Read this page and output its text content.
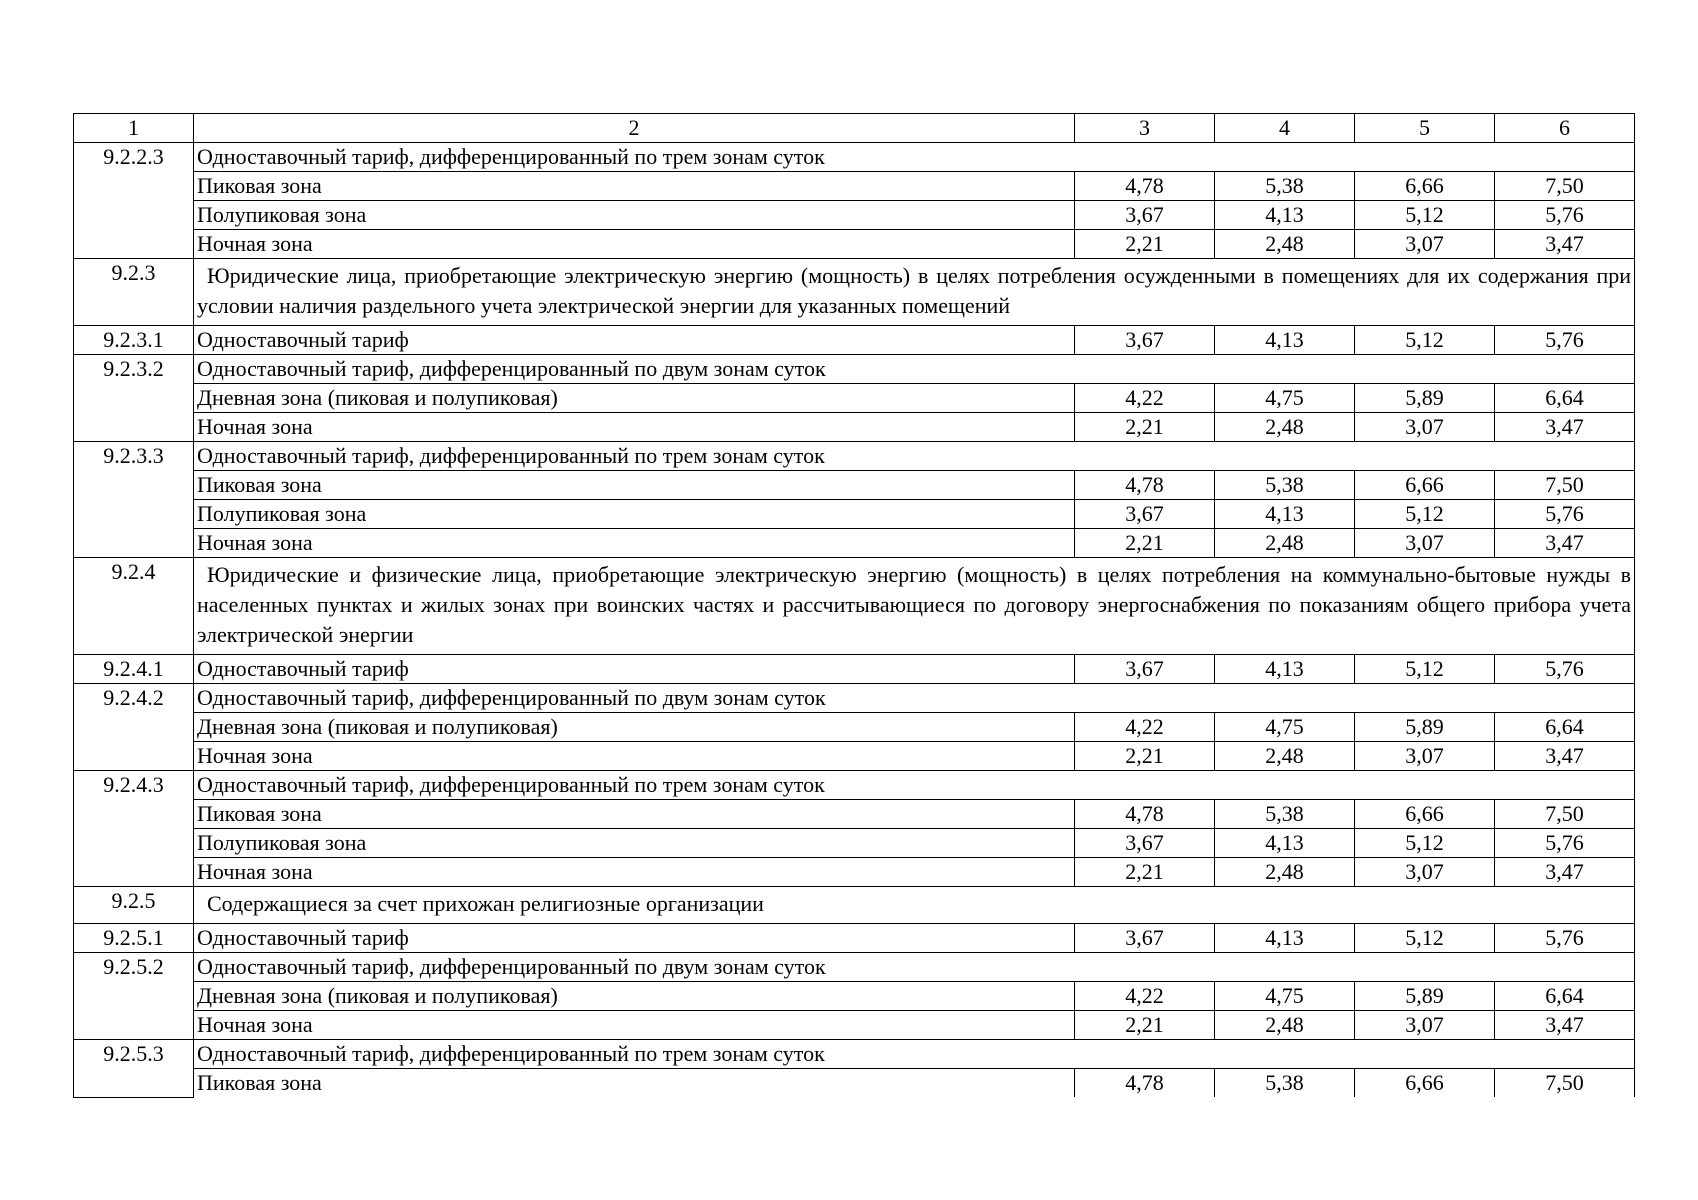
1	2	3	4	5	6
9.2.2.3	Одноставочный тариф, дифференцированный по трем зонам суток				
	Пиковая зона	4,78	5,38	6,66	7,50
	Полупиковая зона	3,67	4,13	5,12	5,76
	Ночная зона	2,21	2,48	3,07	3,47
9.2.3	Юридические лица, приобретающие электрическую энергию (мощность) в целях потребления осужденными в помещениях для их содержания при условии наличия раздельного учета электрической энергии для указанных помещений				
9.2.3.1	Одноставочный тариф	3,67	4,13	5,12	5,76
9.2.3.2	Одноставочный тариф, дифференцированный по двум зонам суток				
	Дневная зона (пиковая и полупиковая)	4,22	4,75	5,89	6,64
	Ночная зона	2,21	2,48	3,07	3,47
9.2.3.3	Одноставочный тариф, дифференцированный по трем зонам суток				
	Пиковая зона	4,78	5,38	6,66	7,50
	Полупиковая зона	3,67	4,13	5,12	5,76
	Ночная зона	2,21	2,48	3,07	3,47
9.2.4	Юридические и физические лица, приобретающие электрическую энергию (мощность) в целях потребления на коммунально-бытовые нужды в населенных пунктах и жилых зонах при воинских частях и рассчитывающиеся по договору энергоснабжения по показаниям общего прибора учета электрической энергии				
9.2.4.1	Одноставочный тариф	3,67	4,13	5,12	5,76
9.2.4.2	Одноставочный тариф, дифференцированный по двум зонам суток				
	Дневная зона (пиковая и полупиковая)	4,22	4,75	5,89	6,64
	Ночная зона	2,21	2,48	3,07	3,47
9.2.4.3	Одноставочный тариф, дифференцированный по трем зонам суток				
	Пиковая зона	4,78	5,38	6,66	7,50
	Полупиковая зона	3,67	4,13	5,12	5,76
	Ночная зона	2,21	2,48	3,07	3,47
9.2.5	Содержащиеся за счет прихожан религиозные организации				
9.2.5.1	Одноставочный тариф	3,67	4,13	5,12	5,76
9.2.5.2	Одноставочный тариф, дифференцированный по двум зонам суток				
	Дневная зона (пиковая и полупиковая)	4,22	4,75	5,89	6,64
	Ночная зона	2,21	2,48	3,07	3,47
9.2.5.3	Одноставочный тариф, дифференцированный по трем зонам суток				
	Пиковая зона	4,78	5,38	6,66	7,50
